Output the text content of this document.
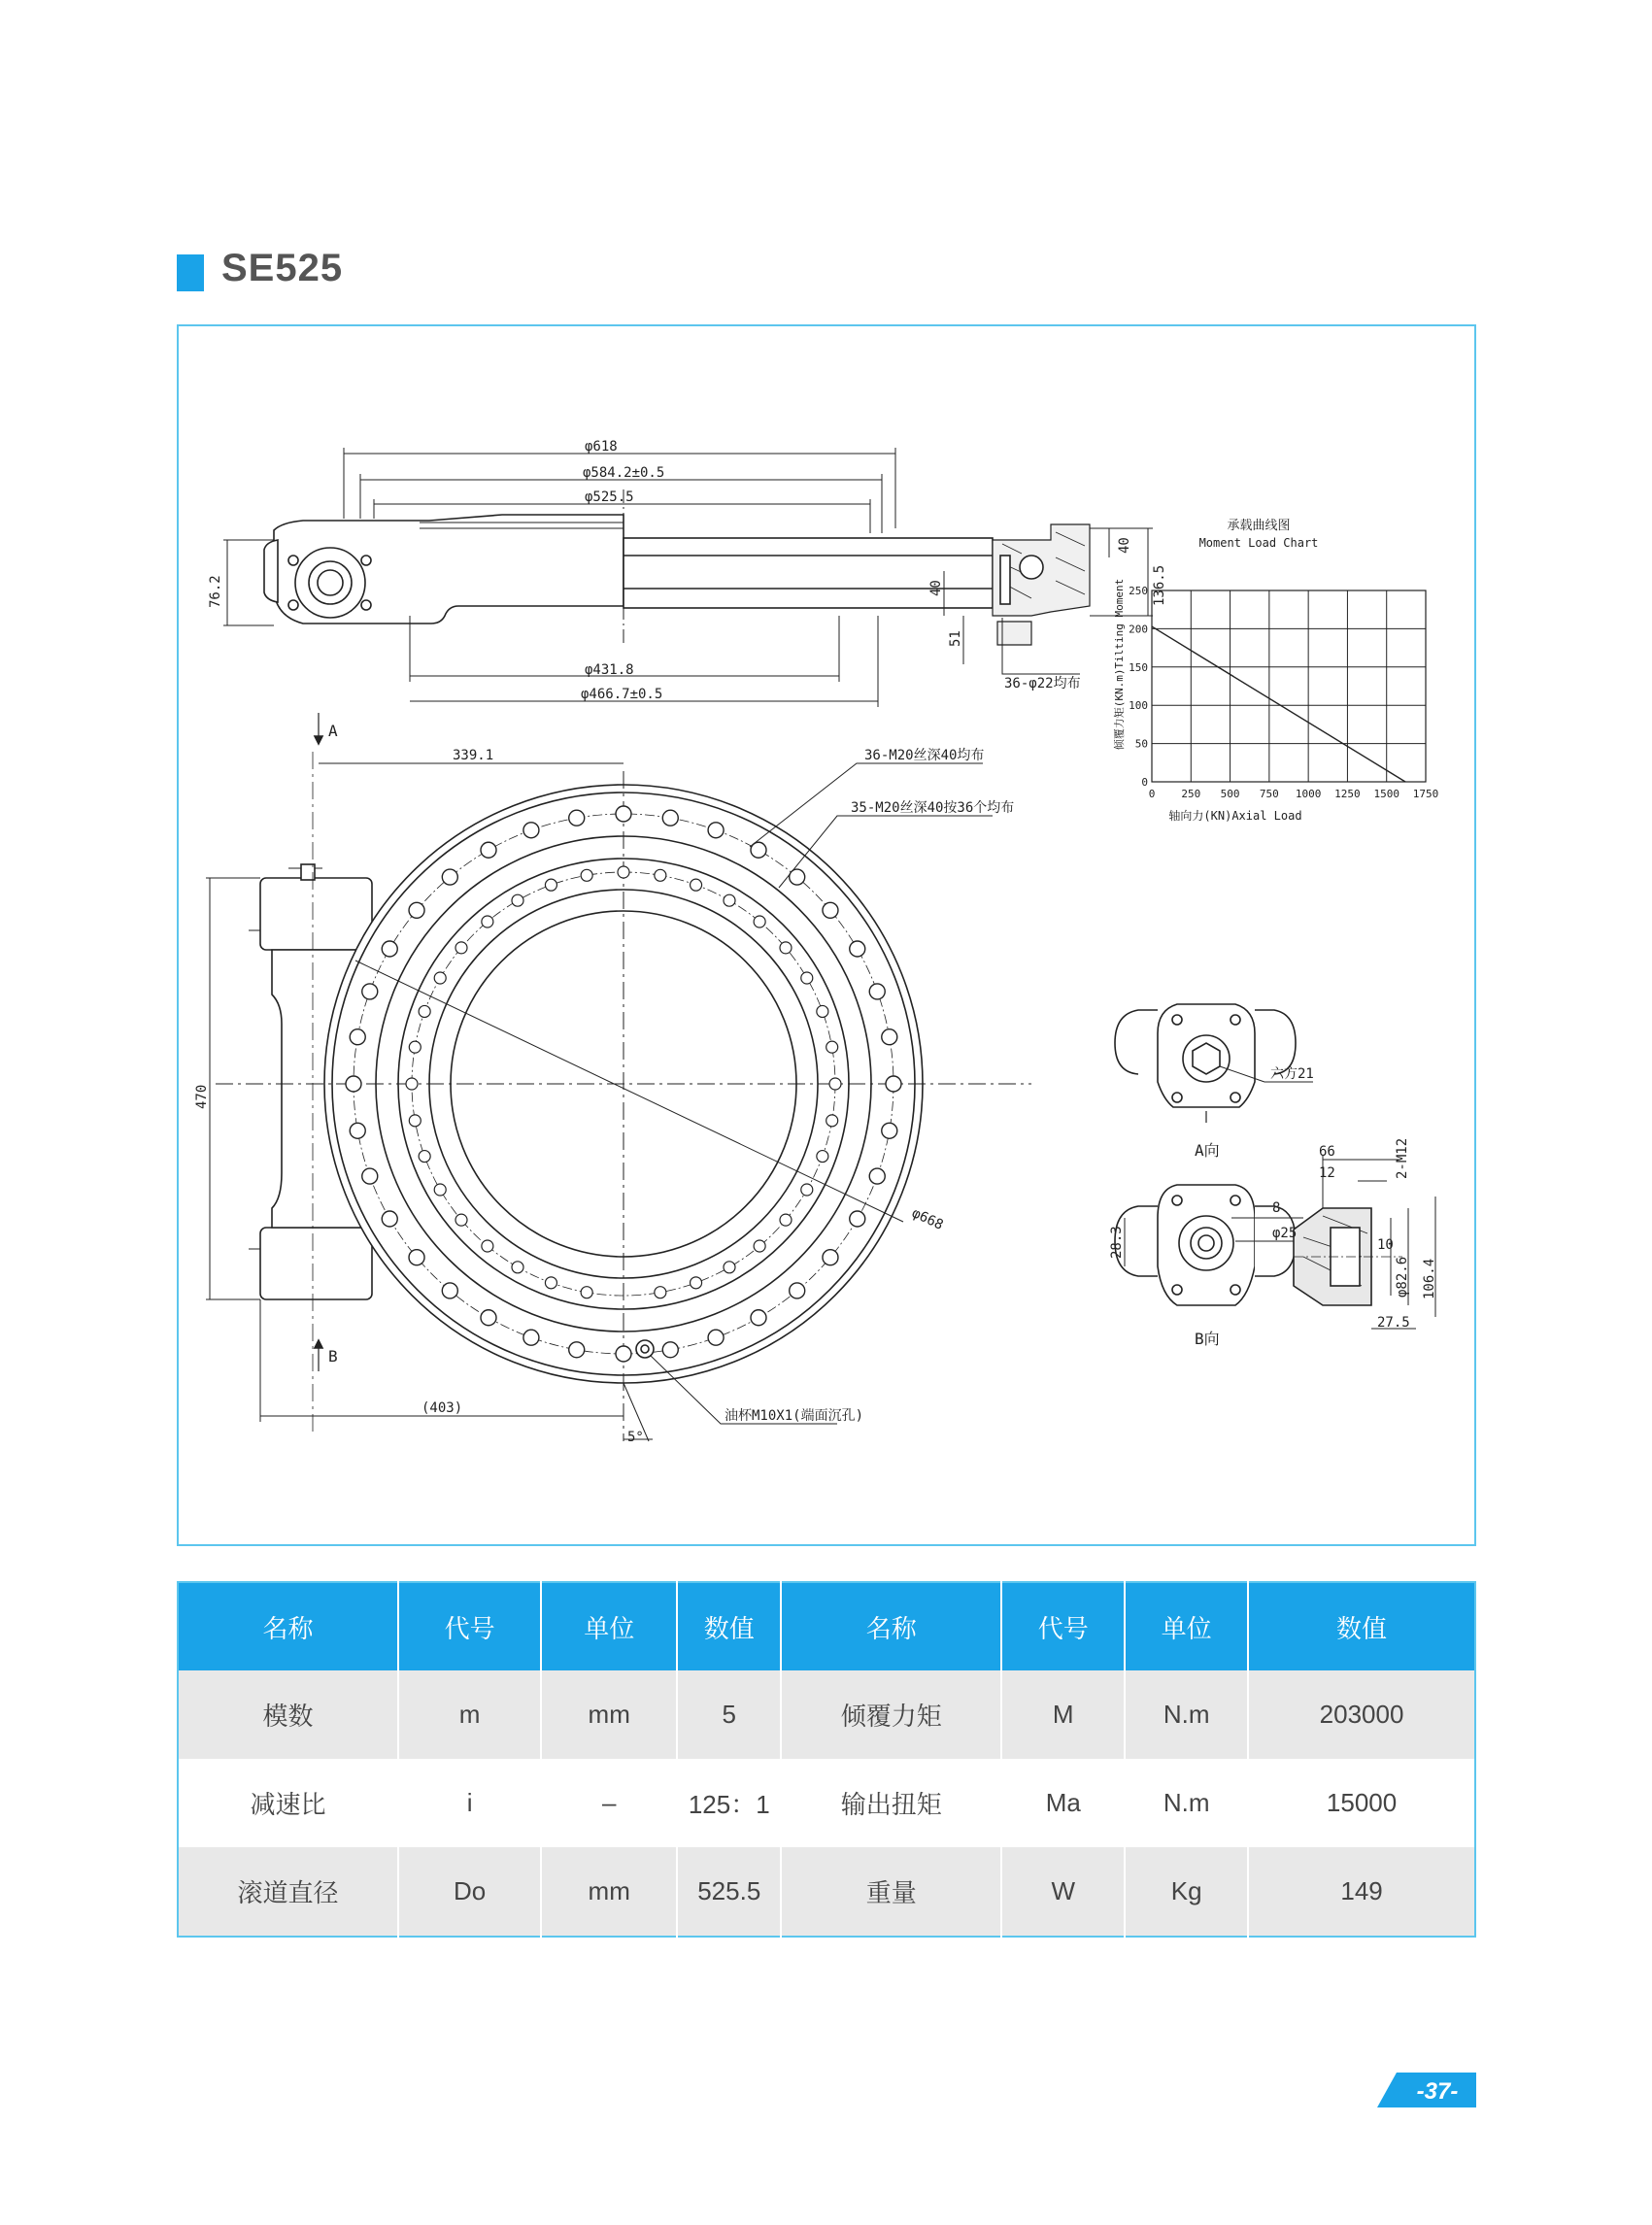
SE525
φ618
φ584.2±0.5
φ525.5
φ431.8
φ466.7±0.5
76.2	136.5
40
40
51
36-φ22均布
A
B
339.1
470
(403)
5°
φ668
36-M20丝深40均布
35-M20丝深40按36个均布
油杯M10X1(端面沉孔)
A向
六方21
B向
28.3
8
φ25
66
12	2-M12
10
φ82.6 106.4
27.5
承载曲线图
Moment Load Chart
轴向力(KN)Axial Load
倾覆力矩(KN.m)Tilting Moment
0 250 500 750 1000 1250 1500 1750
0
50
100
150
200
250
名称	代号	单位	数值	名称	代号	单位	数值
模数	m	mm	5	倾覆力矩	M	N.m	203000
减速比	i	–	125：1	输出扭矩	Ma	N.m	15000
滚道直径	Do	mm	525.5	重量	W	Kg	149
-37-
